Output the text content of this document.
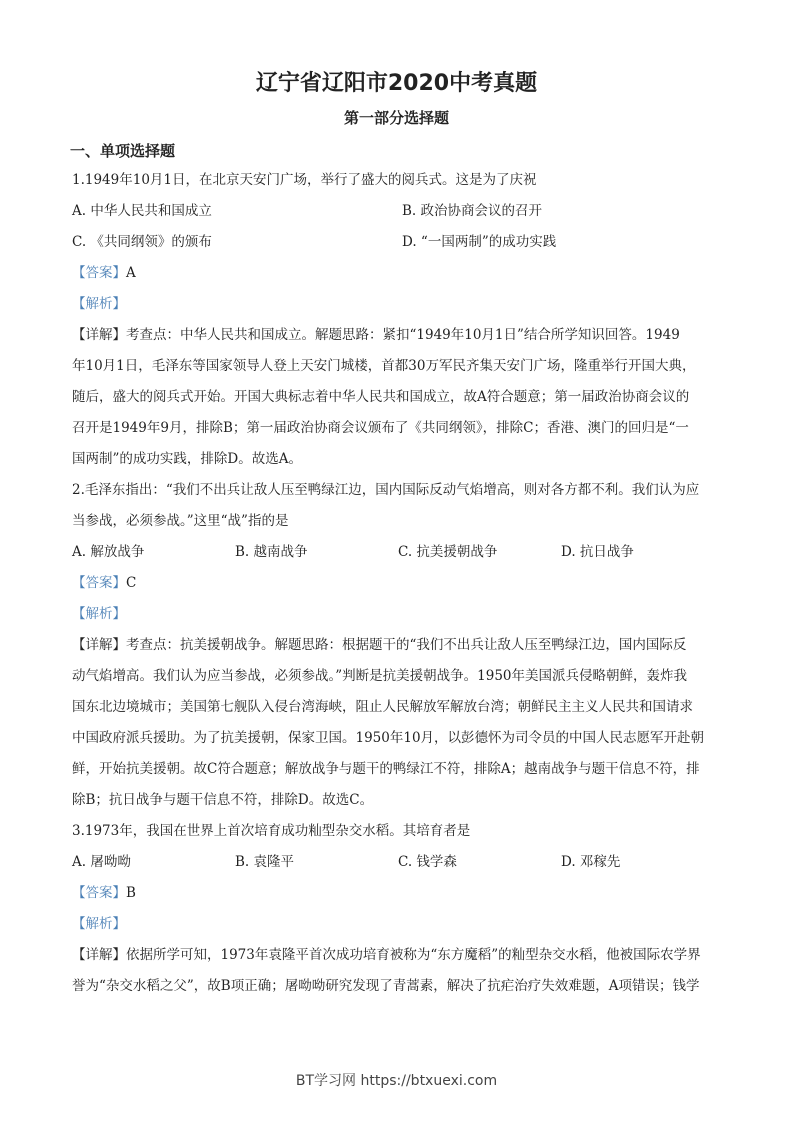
辽宁省辽阳市2020中考真题
第一部分选择题
一、单项选择题
1.1949年10月1日，在北京天安门广场，举行了盛大的阅兵式。这是为了庆祝
A. 中华人民共和国成立	B. 政治协商会议的召开
C. 《共同纲领》的颁布	D. “一国两制”的成功实践
【答案】A
【解析】
【详解】考查点：中华人民共和国成立。解题思路：紧扣“1949年10月1日”结合所学知识回答。1949
年10月1日，毛泽东等国家领导人登上天安门城楼，首都30万军民齐集天安门广场，隆重举行开国大典，
随后，盛大的阅兵式开始。开国大典标志着中华人民共和国成立，故A符合题意；第一届政治协商会议的
召开是1949年9月，排除B；第一届政治协商会议颁布了《共同纲领》，排除C；香港、澳门的回归是“一
国两制”的成功实践，排除D。故选A。
2.毛泽东指出：“我们不出兵让敌人压至鸭绿江边，国内国际反动气焰增高，则对各方都不利。我们认为应
当参战，必须参战。”这里“战”指的是
A. 解放战争	B. 越南战争	C. 抗美援朝战争	D. 抗日战争
【答案】C
【解析】
【详解】考查点：抗美援朝战争。解题思路：根据题干的“我们不出兵让敌人压至鸭绿江边，国内国际反
动气焰增高。我们认为应当参战，必须参战。”判断是抗美援朝战争。1950年美国派兵侵略朝鲜，轰炸我
国东北边境城市；美国第七舰队入侵台湾海峡，阻止人民解放军解放台湾；朝鲜民主主义人民共和国请求
中国政府派兵援助。为了抗美援朝，保家卫国。1950年10月，以彭德怀为司令员的中国人民志愿军开赴朝
鲜，开始抗美援朝。故C符合题意；解放战争与题干的鸭绿江不符，排除A；越南战争与题干信息不符，排
除B；抗日战争与题干信息不符，排除D。故选C。
3.1973年，我国在世界上首次培育成功籼型杂交水稻。其培育者是
A. 屠呦呦	B. 袁隆平	C. 钱学森	D. 邓稼先
【答案】B
【解析】
【详解】依据所学可知，1973年袁隆平首次成功培育被称为“东方魔稻”的籼型杂交水稻，他被国际农学界
誉为“杂交水稻之父”，故B项正确；屠呦呦研究发现了青蒿素，解决了抗疟治疗失效难题，A项错误；钱学
BT学习网 https://btxuexi.com
